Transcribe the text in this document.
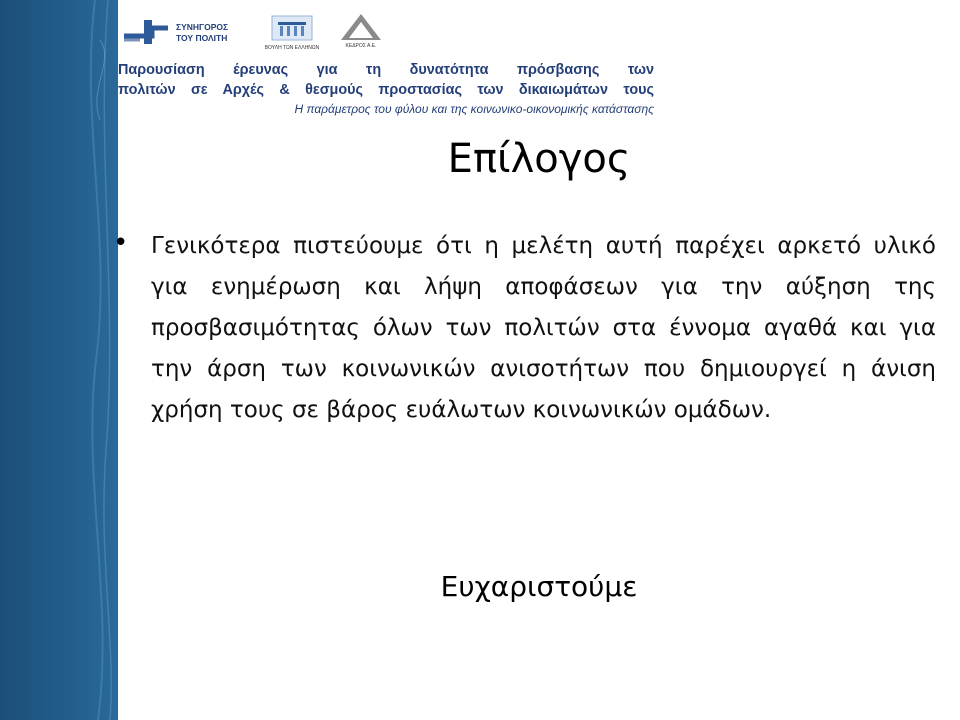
ΣΥΝΗΓΟΡΟΣ
ΤΟΥ ΠΟΛΙΤΗ
ΒΟΥΛΗ ΤΩΝ ΕΛΛΗΝΩΝ	ΚΕΔΡΟΣ Α.Ε.
Παρουσίαση έρευνας για τη δυνατότητα πρόσβασης των
πολιτών σε Αρχές & θεσμούς προστασίας των δικαιωμάτων τους
Η παράμετρος του φύλου και της κοινωνικο-οικονομικής κατάστασης
Επίλογος
• Γενικότερα πιστεύουμε ότι η μελέτη αυτή παρέχει αρκετό υλικό για ενημέρωση και λήψη αποφάσεων για την αύξηση της προσβασιμότητας όλων των πολιτών στα έννομα αγαθά και για την άρση των κοινωνικών ανισοτήτων που δημιουργεί η άνιση χρήση τους σε βάρος ευάλωτων κοινωνικών ομάδων.
Ευχαριστούμε
